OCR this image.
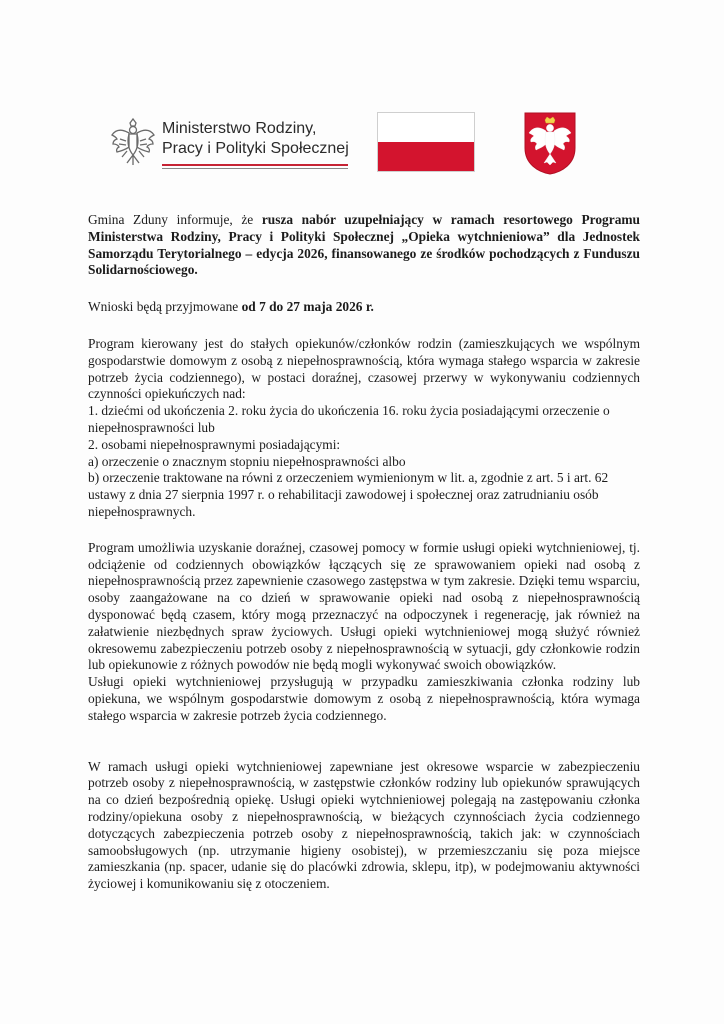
Ministerstwo Rodziny,
Pracy i Polityki Społecznej

Gmina Zduny informuje, że rusza nabór uzupełniający w ramach resortowego Programu Ministerstwa Rodziny, Pracy i Polityki Społecznej „Opieka wytchnieniowa” dla Jednostek Samorządu Terytorialnego – edycja 2026, finansowanego ze środków pochodzących z Funduszu Solidarnościowego.

Wnioski będą przyjmowane od 7 do 27 maja 2026 r.

Program kierowany jest do stałych opiekunów/członków rodzin (zamieszkujących we wspólnym gospodarstwie domowym z osobą z niepełnosprawnością, która wymaga stałego wsparcia w zakresie potrzeb życia codziennego), w postaci doraźnej, czasowej przerwy w wykonywaniu codziennych czynności opiekuńczych nad:

1. dziećmi od ukończenia 2. roku życia do ukończenia 16. roku życia posiadającymi orzeczenie o niepełnosprawności lub
2. osobami niepełnosprawnymi posiadającymi:
a) orzeczenie o znacznym stopniu niepełnosprawności albo
b) orzeczenie traktowane na równi z orzeczeniem wymienionym w lit. a, zgodnie z art. 5 i art. 62 ustawy z dnia 27 sierpnia 1997 r. o rehabilitacji zawodowej i społecznej oraz zatrudnianiu osób niepełnosprawnych.

Program umożliwia uzyskanie doraźnej, czasowej pomocy w formie usługi opieki wytchnieniowej, tj. odciążenie od codziennych obowiązków łączących się ze sprawowaniem opieki nad osobą z niepełnosprawnością przez zapewnienie czasowego zastępstwa w tym zakresie. Dzięki temu wsparciu, osoby zaangażowane na co dzień w sprawowanie opieki nad osobą z niepełnosprawnością dysponować będą czasem, który mogą przeznaczyć na odpoczynek i regenerację, jak również na załatwienie niezbędnych spraw życiowych. Usługi opieki wytchnieniowej mogą służyć również okresowemu zabezpieczeniu potrzeb osoby z niepełnosprawnością w sytuacji, gdy członkowie rodzin lub opiekunowie z różnych powodów nie będą mogli wykonywać swoich obowiązków.

Usługi opieki wytchnieniowej przysługują w przypadku zamieszkiwania członka rodziny lub opiekuna, we wspólnym gospodarstwie domowym z osobą z niepełnosprawnością, która wymaga stałego wsparcia w zakresie potrzeb życia codziennego.

W ramach usługi opieki wytchnieniowej zapewniane jest okresowe wsparcie w zabezpieczeniu potrzeb osoby z niepełnosprawnością, w zastępstwie członków rodziny lub opiekunów sprawujących na co dzień bezpośrednią opiekę. Usługi opieki wytchnieniowej polegają na zastępowaniu członka rodziny/opiekuna osoby z niepełnosprawnością, w bieżących czynnościach życia codziennego dotyczących zabezpieczenia potrzeb osoby z niepełnosprawnością, takich jak: w czynnościach samoobsługowych (np. utrzymanie higieny osobistej), w przemieszczaniu się poza miejsce zamieszkania (np. spacer, udanie się do placówki zdrowia, sklepu, itp), w podejmowaniu aktywności życiowej i komunikowaniu się z otoczeniem.
